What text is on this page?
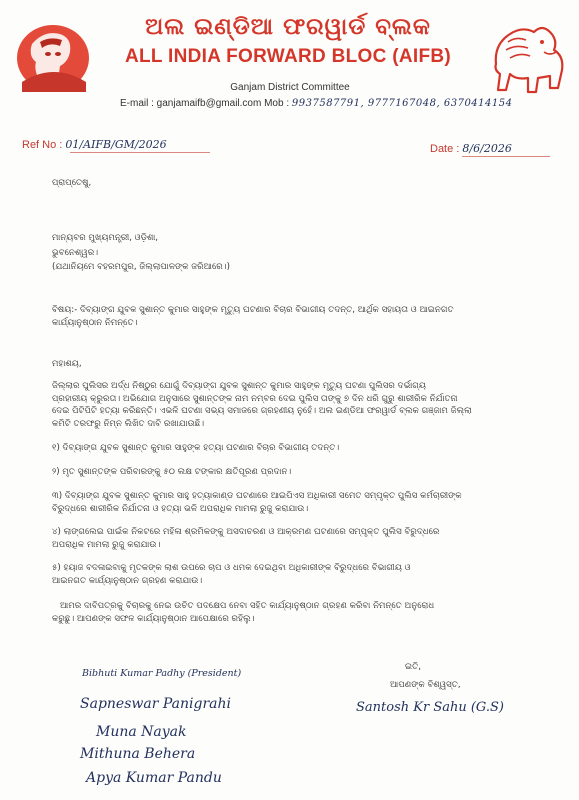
ଅଲ ଇଣ୍ଡିଆ ଫରୱାର୍ଡ ବ୍ଲକ
ALL INDIA FORWARD BLOC (AIFB)
Ganjam District Committee
E-mail : ganjamaifb@gmail.com Mob : 9937587791, 9777167048, 6370414154
Ref No : 01/AIFB/GM/2026	Date : 8/6/2026
ପ୍ରାପ୍ତେଷୁ,

ମାନ୍ୟବର ମୁଖ୍ୟମନ୍ତ୍ରୀ, ଓଡ଼ିଶା,

ଭୁବନେଶ୍ୱର।

(ଯଥାନିୟମେ ବହରମପୁର, ଜିଲ୍ଲାପାଳଙ୍କ ଜରିଆରେ।)

ବିଷୟ:- ଦିବ୍ୟାଙ୍ଗ ଯୁବକ ସୁଶାନ୍ତ କୁମାର ସାହୁଙ୍କ ମୃତ୍ୟୁ ଘଟଣାର ବିଚାର ବିଭାଗୀୟ ତଦନ୍ତ, ଆର୍ଥିକ ସହାୟତା ଓ ଆଇନଗତ

କାର୍ଯ୍ୟାନୁଷ୍ଠାନ ନିମନ୍ତେ।

ମହାଶୟ,

ଜିଲ୍ଲାର ପୁଲିସର ଅର୍ଦ୍ଧ ନିଷ୍ଠୁର ଯୋଗୁଁ ଦିବ୍ୟାଙ୍ଗ ଯୁବକ ସୁଶାନ୍ତ କୁମାର ସାହୁଙ୍କ ମୃତ୍ୟୁ ଘଟଣା ପୁଲିସର ଦର୍ଭାଗ୍ୟ

ପ୍ରହାରୀୟ କ୍ରୁରତା। ଅଭିଯୋଗ ଅନୁସାରେ ସୁଶାନ୍ତଙ୍କ ନାମ ନମ୍ବର ଦେଇ ପୁଲିସ ତାଙ୍କୁ ୭ ଦିନ ଧରି ଗୁରୁ ଶାରୀରିକ ନିର୍ଯାତନା

ଦେଇ ପିଟିପିଟି ହତ୍ୟା କରିଛନ୍ତି। ଏଭଳି ଘଟଣା ସଭ୍ୟ ସମାଜରେ ଗ୍ରହଣୀୟ ନୁହେଁ। ଅଲ ଇଣ୍ଡିଆ ଫରୱାର୍ଡ ବ୍ଲକ ଗଞ୍ଜାମ ଜିଲ୍ଲା

କମିଟି ତରଫରୁ ନିମ୍ନ ଲିଖିତ ଦାବି ରଖାଯାଉଛି।

୧) ଦିବ୍ୟାଙ୍ଗ ଯୁବକ ସୁଶାନ୍ତ କୁମାର ସାହୁଙ୍କ ହତ୍ୟା ଘଟଣାର ବିଚାର ବିଭାଗୀୟ ତଦନ୍ତ।

୨) ମୃତ ସୁଶାନ୍ତଙ୍କ ପରିବାରଙ୍କୁ ୫୦ ଲକ୍ଷ ଟଙ୍କାର କ୍ଷତିପୂରଣ ପ୍ରଦାନ।

୩) ଦିବ୍ୟାଙ୍ଗ ଯୁବକ ସୁଶାନ୍ତ କୁମାର ସାହୁ ହତ୍ୟାକାଣ୍ଡ ଘଟଣାରେ ଆଇପିଏସ ଅଧିକାରୀ ସମେତ ସମ୍ପୃକ୍ତ ପୁଲିସ କର୍ମଚାରୀଙ୍କ

ବିରୁଦ୍ଧରେ ଶାରୀରିକ ନିର୍ଯାତନା ଓ ହତ୍ୟା ଭଳି ଅପରାଧିକ ମାମଲା ରୁଜୁ କରାଯାଉ।

୪) ଲାଙ୍ଗଲେଇ ପାଇଁକ ନିକଟରେ ମହିଳା ଶ୍ରମିକଙ୍କୁ ଅସଦାଚରଣ ଓ ଆକ୍ରମଣ ଘଟଣାରେ ସମ୍ପୃକ୍ତ ପୁଲିସ ବିରୁଦ୍ଧରେ

ଅପରାଧିକ ମାମଲା ରୁଜୁ କରାଯାଉ।

୫) ହୟାଜ ବଦଳାଇବାକୁ ମୃତକଙ୍କ ଲାଶ ଉପରେ ଚାପ ଓ ଧମକ ଦେଇଥିବା ଅଧିକାରୀଙ୍କ ବିରୁଦ୍ଧରେ ବିଭାଗୀୟ ଓ

ଆଇନଗତ କାର୍ଯ୍ୟାନୁଷ୍ଠାନ ଗ୍ରହଣ କରାଯାଉ।

ଆମର ଦାବିପତ୍ରକୁ ବିଚାରକୁ ନେଇ ଉଚିତ ପଦକ୍ଷେପ ନେବା ସହିତ କାର୍ଯ୍ୟାନୁଷ୍ଠାନ ଗ୍ରହଣ କରିବା ନିମନ୍ତେ ଅନୁରୋଧ

କରୁଛୁ। ଆପଣଙ୍କ ସଫଳ କାର୍ଯ୍ୟାନୁଷ୍ଠାନ ଆପେକ୍ଷାରେ ରହିଲୁ।

ଇତି,
ଆପଣଙ୍କ ବିଶ୍ୱସ୍ତ,
Santosh Kr Sahu (G.S)
Bibhuti Kumar Padhy (President)
Sapneswar Panigrahi
Muna Nayak
Mithuna Behera
Apya Kumar Pandu
